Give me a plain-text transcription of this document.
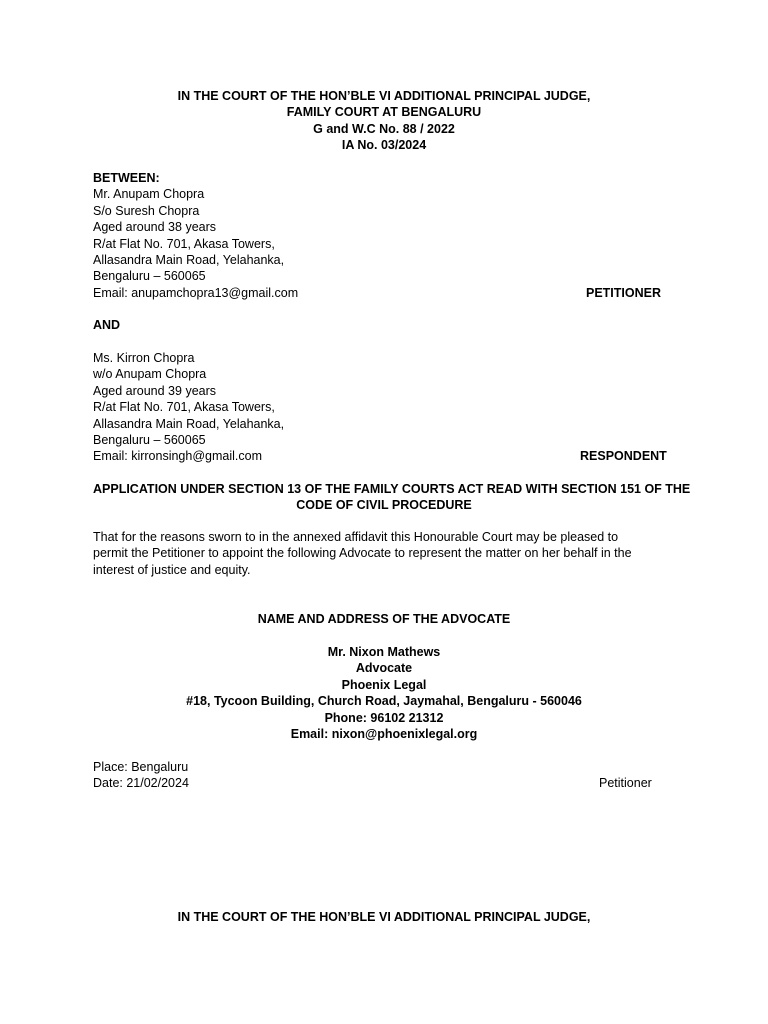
IN THE COURT OF THE HON’BLE VI ADDITIONAL PRINCIPAL JUDGE,
FAMILY COURT AT BENGALURU
G and W.C No. 88 / 2022
IA No. 03/2024
BETWEEN:
Mr. Anupam Chopra
S/o Suresh Chopra
Aged around 38 years
R/at Flat No. 701, Akasa Towers,
Allasandra Main Road, Yelahanka,
Bengaluru – 560065
Email: anupamchopra13@gmail.com	PETITIONER
AND
Ms. Kirron Chopra
w/o Anupam Chopra
Aged around 39 years
R/at Flat No. 701, Akasa Towers,
Allasandra Main Road, Yelahanka,
Bengaluru – 560065
Email: kirronsingh@gmail.com	RESPONDENT
APPLICATION UNDER SECTION 13 OF THE FAMILY COURTS ACT READ WITH SECTION 151 OF THE
CODE OF CIVIL PROCEDURE
That for the reasons sworn to in the annexed affidavit this Honourable Court may be pleased to
permit the Petitioner to appoint the following Advocate to represent the matter on her behalf in the
interest of justice and equity.
NAME AND ADDRESS OF THE ADVOCATE
Mr. Nixon Mathews
Advocate
Phoenix Legal
#18, Tycoon Building, Church Road, Jaymahal, Bengaluru - 560046
Phone: 96102 21312
Email: nixon@phoenixlegal.org
Place: Bengaluru
Date: 21/02/2024	Petitioner
IN THE COURT OF THE HON’BLE VI ADDITIONAL PRINCIPAL JUDGE,
